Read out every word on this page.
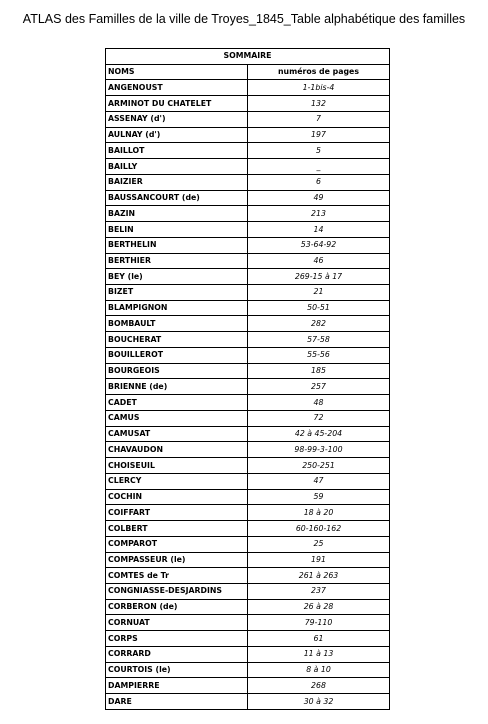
ATLAS des Familles de la ville de Troyes_1845_Table alphabétique des familles
SOMMAIRE	
NOMS	numéros de pages
ANGENOUST	1-1bis-4
ARMINOT DU CHATELET	132
ASSENAY (d')	7
AULNAY (d')	197
BAILLOT	5
BAILLY	_
BAIZIER	6
BAUSSANCOURT (de)	49
BAZIN	213
BELIN	14
BERTHELIN	53-64-92
BERTHIER	46
BEY (le)	269-15 à 17
BIZET	21
BLAMPIGNON	50-51
BOMBAULT	282
BOUCHERAT	57-58
BOUILLEROT	55-56
BOURGEOIS	185
BRIENNE (de)	257
CADET	48
CAMUS	72
CAMUSAT	42 à 45-204
CHAVAUDON	98-99-3-100
CHOISEUIL	250-251
CLERCY	47
COCHIN	59
COIFFART	18 à 20
COLBERT	60-160-162
COMPAROT	25
COMPASSEUR (le)	191
COMTES de Tr	261 à 263
CONGNIASSE-DESJARDINS	237
CORBERON (de)	26 à 28
CORNUAT	79-110
CORPS	61
CORRARD	11 à 13
COURTOIS (le)	8 à 10
DAMPIERRE	268
DARE	30 à 32
